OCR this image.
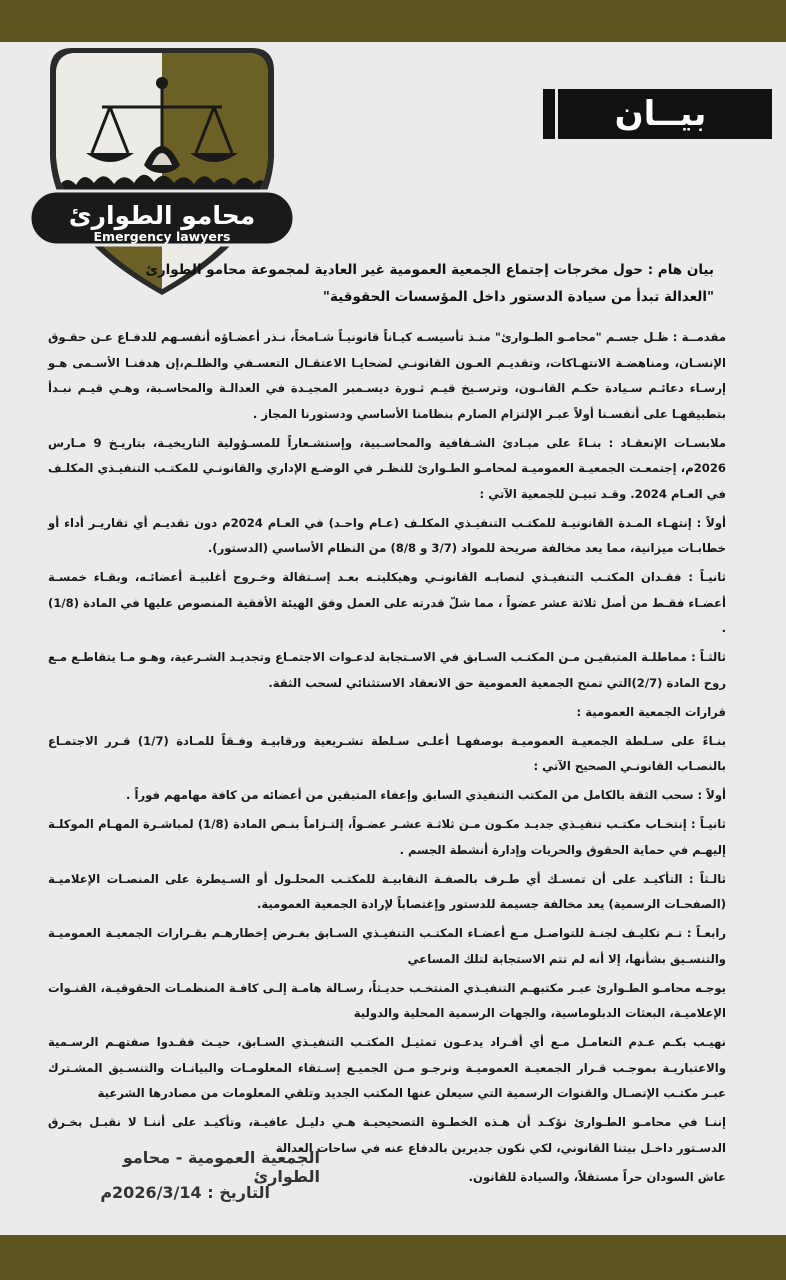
محامو الطوارئ
Emergency lawyers
بيــان
بيان هام : حول مخرجات إجتماع الجمعية العمومية غير العادية لمجموعة محامو الطوارئ
"العدالة تبدأ من سيادة الدستور داخل المؤسسات الحقوقية"

مقدمــة : ظـل جسـم "محامـو الطـوارئ" منـذ تأسيسـه كيـاناً قانونيـاً شـامخاً، نـذر أعضـاؤه أنفسـهم للدفـاع عـن حقـوق الإنسـان، ومناهضـة الانتهـاكات، وتقديـم العـون القانونـي لضحايـا الاعتقـال التعسـفي والظلـم،إن هدفنـا الأسـمى هـو إرسـاء دعائـم سـيادة حكـم القانـون، وترسـيخ قيـم ثـورة ديسـمبر المجيـدة في العدالـة والمحاسـبة، وهـي قيـم نبـدأ بتطبيقهـا على أنفسـنا أولاً عبـر الإلتزام الصارم بنظامنا الأساسي ودستورنا المجاز .

ملابسـات الإنعقـاد : بنـاءً على مبـادئ الشـفافية والمحاسـبية، وإستشـعاراً للمسـؤولية التاريخيـة، بتاريـخ 9 مـارس 2026م، إجتمعـت الجمعيـة العموميـة لمحامـو الطـوارئ للنظـر في الوضـع الإداري والقانونـي للمكتـب التنفيـذي المكلـف في العـام 2024. وقـد تبيـن للجمعية الآتي :

أولاً : إنتهـاء المـدة القانونيـة للمكتـب التنفيـذي المكلـف (عـام واحـد) في العـام 2024م دون تقديـم أي تقاريـر أداء أو خطابـات ميزانية، مما يعد مخالفة صريحة للمواد (3/7 و 8/8) من النظام الأساسي (الدستور).

ثانيـاً : فقـدان المكتـب التنفيـذي لنصابـه القانونـي وهيكليتـه بعـد إسـتقالة وخـروج أغلبيـة أعضائـه، وبقـاء خمسـة أعضـاء فقـط من أصل ثلاثة عشر عضواً ، مما شلّ قدرته على العمل وفق الهيئة الأفقية المنصوص عليها في المادة (1/8) .

ثالثـاً : مماطلـة المتبقيـن مـن المكتـب السـابق في الاسـتجابة لدعـوات الاجتمـاع وتجديـد الشـرعية، وهـو مـا يتقاطـع مـع روح المادة (2/7)التي تمنح الجمعية العمومية حق الانعقاد الاستثنائي لسحب الثقة.

قرارات الجمعية العمومية :

بنـاءً على سـلطة الجمعيـة العموميـة بوصفهـا أعلـى سـلطة تشـريعية ورقابيـة وفـقاً للمـادة (1/7) قـرر الاجتمـاع بالنصـاب القانونـي الصحيح الآتي :

أولاً : سحب الثقة بالكامل من المكتب التنفيذي السابق وإعفاء المتبقين من أعضائه من كافة مهامهم فوراً .

ثانيـاً : إنتخـاب مكتـب تنفيـذي جديـد مكـون مـن ثلاثـة عشـر عضـواً، إلتـزاماً بنـص المادة (1/8) لمباشـرة المهـام الموكلـة إليهـم في حماية الحقوق والحريات وإدارة أنشطة الجسم .

ثالـثاً : التأكيـد على أن تمسـك أي طـرف بالصفـة النقابيـة للمكتـب المحلـول أو السـيطرة على المنصـات الإعلاميـة (الصفحـات الرسمية) يعد مخالفة جسيمة للدستور وإغتصاباً لإرادة الجمعية العمومية.

رابعـاً : تـم تكليـف لجنـة للتواصـل مـع أعضـاء المكتـب التنفيـذي السـابق بغـرض إخطارهـم بقـرارات الجمعيـة العموميـة والتنسـيق بشأنها، إلا أنه لم تتم الاستجابة لتلك المساعي

يوجـه محامـو الطـوارئ عبـر مكتبهـم التنفيـذي المنتخـب حديـثاً، رسـالة هامـة إلـى كافـة المنظمـات الحقوقيـة، القنـوات الإعلاميـة، البعثات الدبلوماسية، والجهات الرسمية المحلية والدولية

نهيـب بكـم عـدم التعامـل مـع أي أفـراد يدعـون تمثيـل المكتـب التنفيـذي السـابق، حيـث فقـدوا صفتهـم الرسـمية والاعتباريـة بموجـب قـرار الجمعيـة العموميـة ونرجـو مـن الجميـع إسـتقاء المعلومـات والبيانـات والتنسـيق المشـترك عبـر مكتـب الإتصـال والقنوات الرسمية التي سيعلن عنها المكتب الجديد وتلقي المعلومات من مصادرها الشرعية

إننـا في محامـو الطـوارئ نؤكـد أن هـذه الخطـوة التصحيحيـة هـي دليـل عافيـة، وتأكيـد على أننـا لا نقبـل بخـرق الدسـتور داخـل بيتنا القانوني، لكي نكون جديرين بالدفاع عنه في ساحات العدالة

عاش السودان حراً مستقلاً، والسيادة للقانون.

الجمعية العمومية - محامو الطوارئ
التاريخ : 2026/3/14م
